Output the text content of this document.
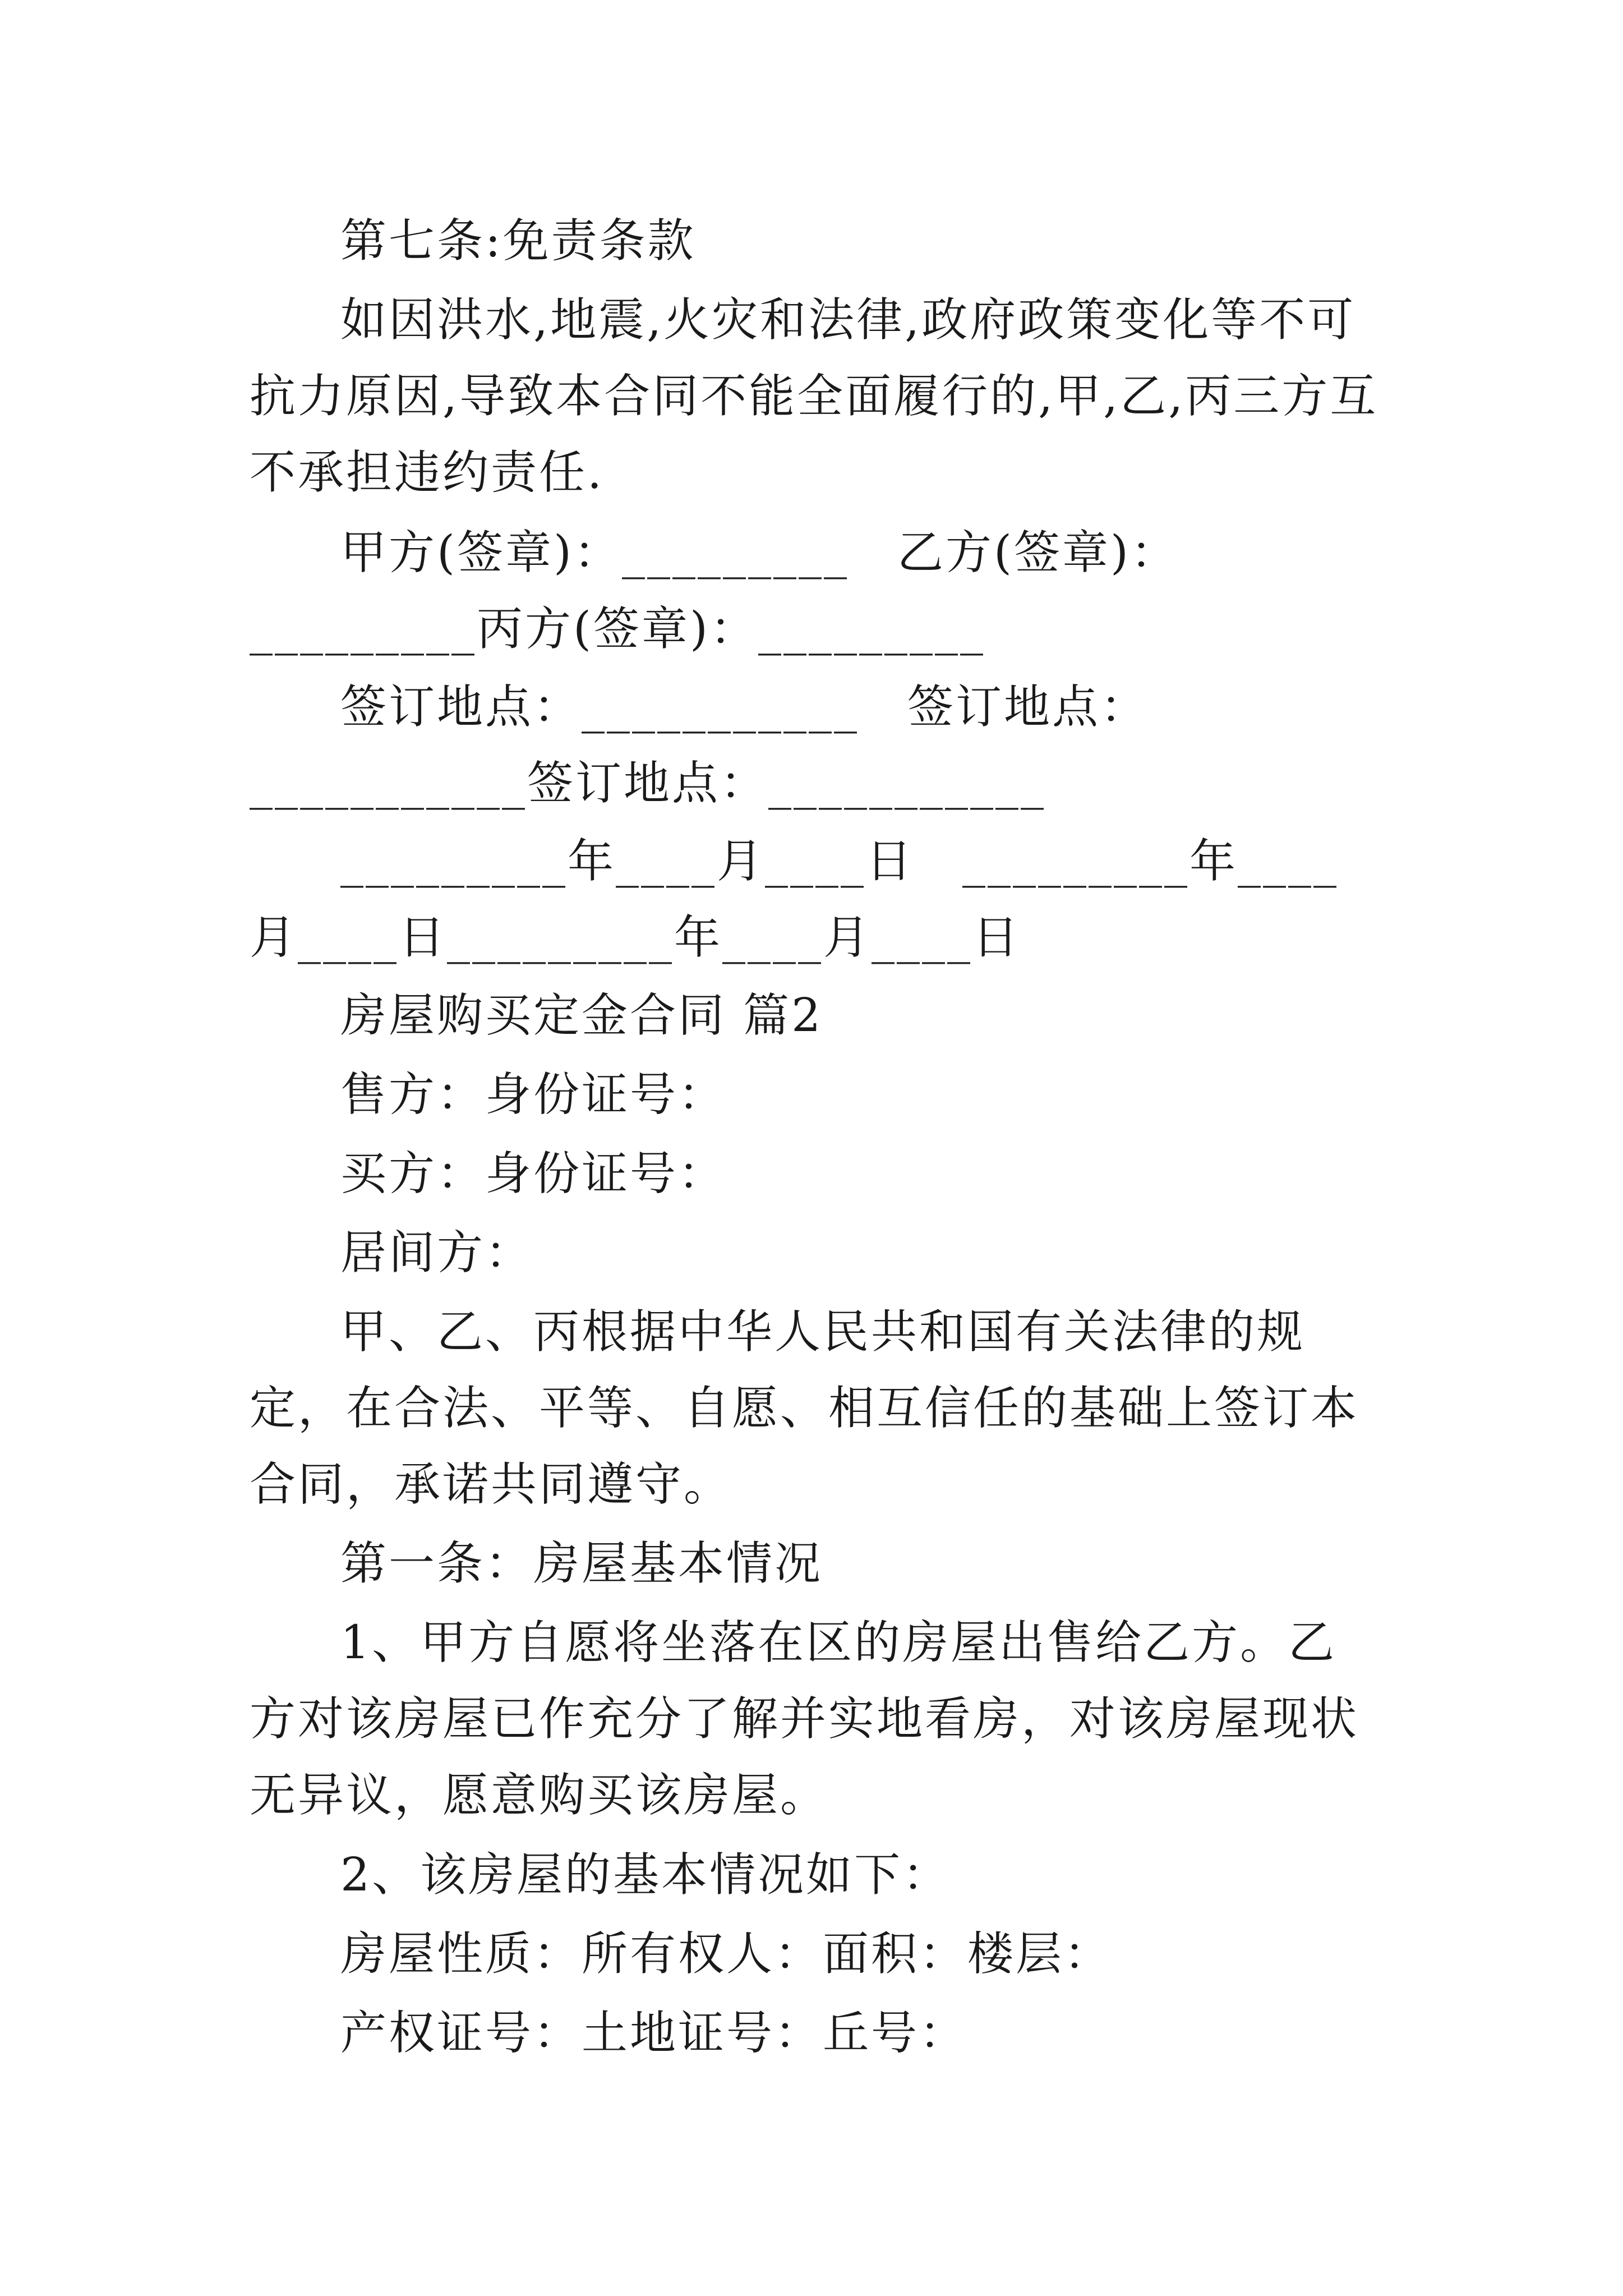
第七条:免责条款

如因洪水,地震,火灾和法律,政府政策变化等不可抗力原因,导致本合同不能全面履行的,甲,乙,丙三方互不承担违约责任.

甲方(签章)：_________　乙方(签章)：_________丙方(签章)：_________

签订地点：___________　签订地点：___________签订地点：___________

_________年____月____日　_________年____月____日_________年____月____日

房屋购买定金合同 篇2

售方：身份证号：

买方：身份证号：

居间方：

甲、乙、丙根据中华人民共和国有关法律的规定，在合法、平等、自愿、相互信任的基础上签订本合同，承诺共同遵守。

第一条：房屋基本情况

1、甲方自愿将坐落在区的房屋出售给乙方。乙方对该房屋已作充分了解并实地看房，对该房屋现状无异议，愿意购买该房屋。

2、该房屋的基本情况如下：

房屋性质：所有权人：面积：楼层：

产权证号：土地证号：丘号：
